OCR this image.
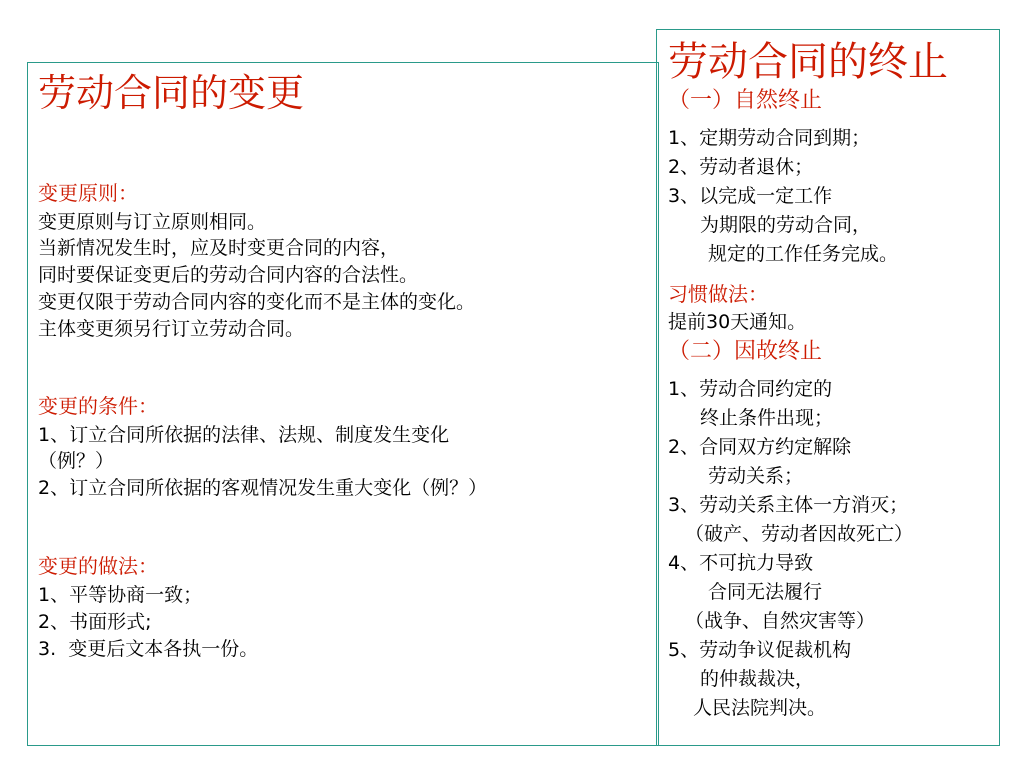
劳动合同的变更
劳动合同的终止
变更原则：
变更原则与订立原则相同。
当新情况发生时，应及时变更合同的内容，
同时要保证变更后的劳动合同内容的合法性。
变更仅限于劳动合同内容的变化而不是主体的变化。
主体变更须另行订立劳动合同。
变更的条件：
1、订立合同所依据的法律、法规、制度发生变化
（例？）
2、订立合同所依据的客观情况发生重大变化（例？）
变更的做法：
1、平等协商一致；
2、书面形式;
3.  变更后文本各执一份。
（一）自然终止
1、定期劳动合同到期；
2、劳动者退休；
3、以完成一定工作
为期限的劳动合同，
规定的工作任务完成。
习惯做法：
提前30天通知。
（二）因故终止
1、劳动合同约定的
终止条件出现；
2、合同双方约定解除
劳动关系；
3、劳动关系主体一方消灭；
（破产、劳动者因故死亡）
4、不可抗力导致
合同无法履行
（战争、自然灾害等）
5、劳动争议促裁机构
的仲裁裁决，
人民法院判决。
